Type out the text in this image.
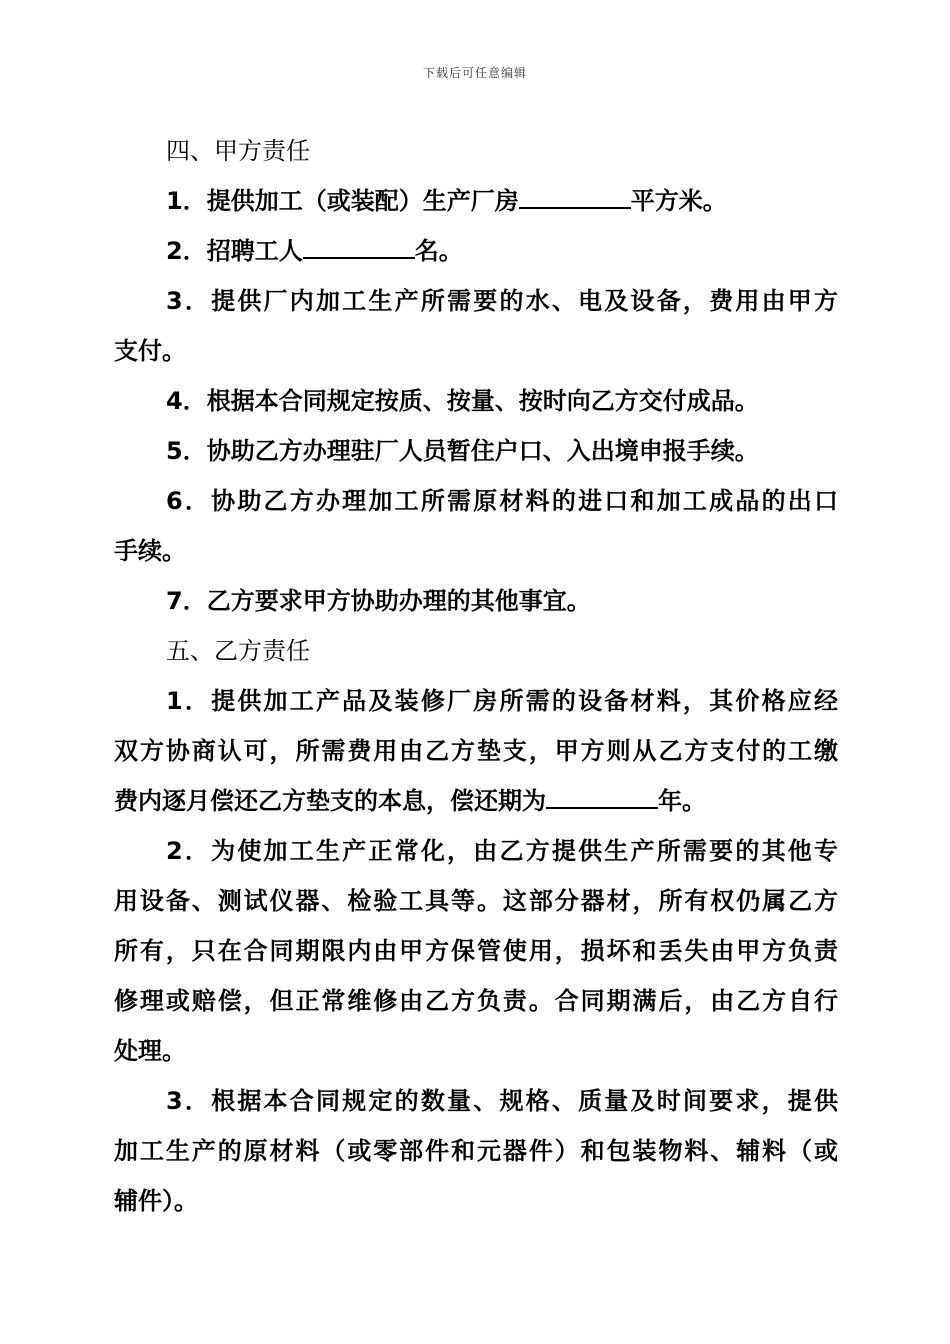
下载后可任意编辑
四、甲方责任
1．提供加工（或装配）生产厂房	平方米。
2．招聘工人	名。
3．提供厂内加工生产所需要的水、电及设备，费用由甲方
支付。
4．根据本合同规定按质、按量、按时向乙方交付成品。
5．协助乙方办理驻厂人员暂住户口、入出境申报手续。
6．协助乙方办理加工所需原材料的进口和加工成品的出口
手续。
7．乙方要求甲方协助办理的其他事宜。
五、乙方责任
1．提供加工产品及装修厂房所需的设备材料，其价格应经
双方协商认可，所需费用由乙方垫支，甲方则从乙方支付的工缴
费内逐月偿还乙方垫支的本息，偿还期为	年。
2．为使加工生产正常化，由乙方提供生产所需要的其他专
用设备、测试仪器、检验工具等。这部分器材，所有权仍属乙方
所有，只在合同期限内由甲方保管使用，损坏和丢失由甲方负责
修理或赔偿，但正常维修由乙方负责。合同期满后，由乙方自行
处理。
3．根据本合同规定的数量、规格、质量及时间要求，提供
加工生产的原材料（或零部件和元器件）和包装物料、辅料（或
辅件）。
